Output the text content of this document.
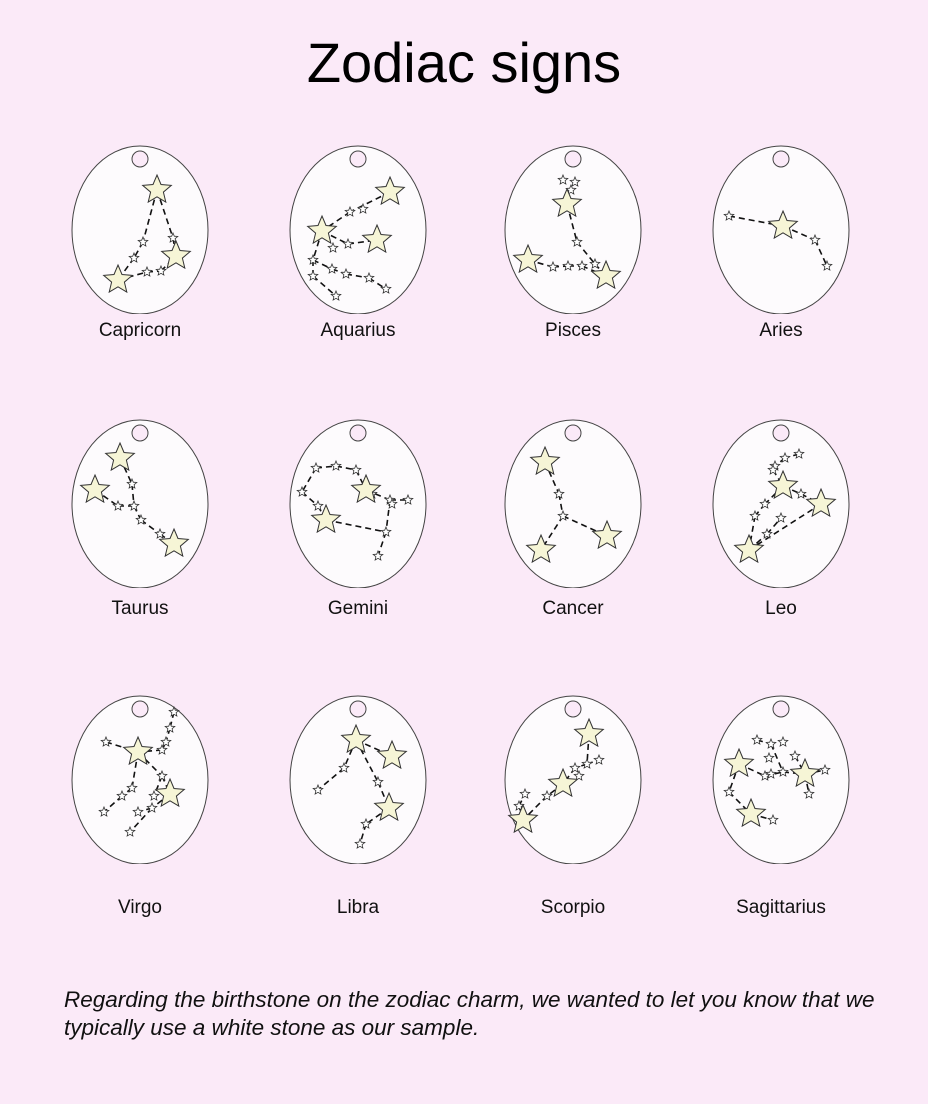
Zodiac signs
Capricorn	Aquarius	Pisces	Aries
Taurus	Gemini	Cancer	Leo
Virgo	Libra	Scorpio	Sagittarius
Regarding the birthstone on the zodiac charm, we wanted to let you know that we typically use a white stone as our sample.
